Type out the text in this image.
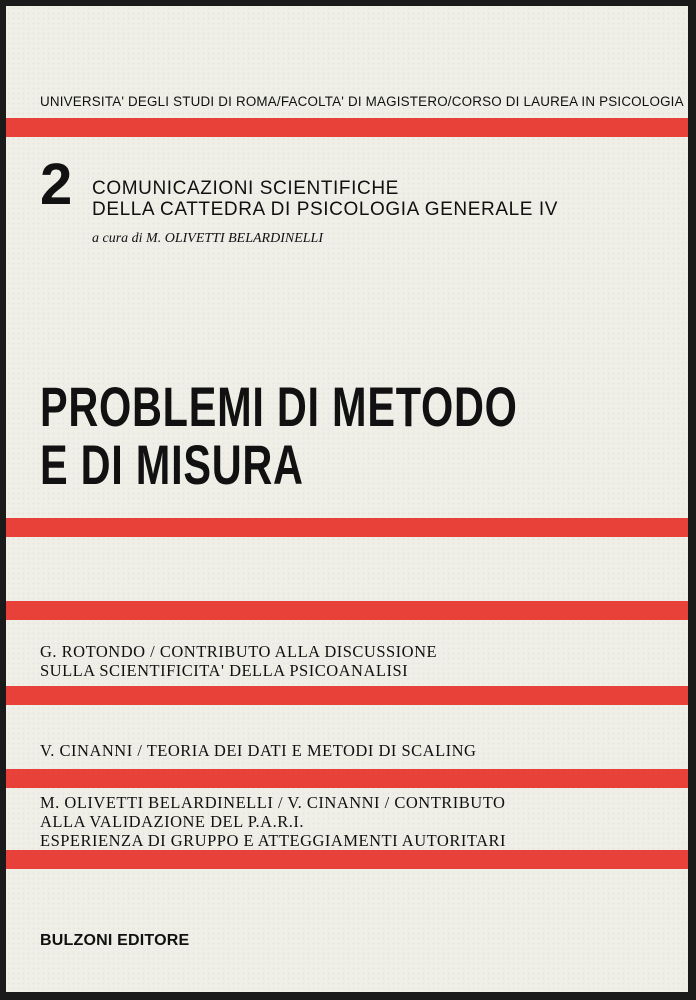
UNIVERSITA' DEGLI STUDI DI ROMA/FACOLTA' DI MAGISTERO/CORSO DI LAUREA IN PSICOLOGIA
2 COMUNICAZIONI SCIENTIFICHE
DELLA CATTEDRA DI PSICOLOGIA GENERALE IV
a cura di M. OLIVETTI BELARDINELLI
PROBLEMI DI METODO
E DI MISURA
G. ROTONDO / CONTRIBUTO ALLA DISCUSSIONE
SULLA SCIENTIFICITA' DELLA PSICOANALISI
V. CINANNI / TEORIA DEI DATI E METODI DI SCALING
M. OLIVETTI BELARDINELLI / V. CINANNI / CONTRIBUTO
ALLA VALIDAZIONE DEL P.A.R.I.
ESPERIENZA DI GRUPPO E ATTEGGIAMENTI AUTORITARI
BULZONI EDITORE
